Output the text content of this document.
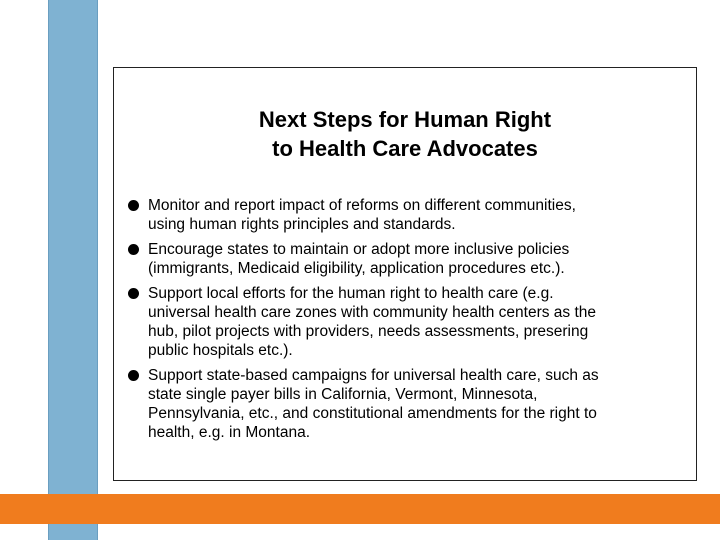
Next Steps for Human Right
to Health Care Advocates
Monitor and report impact of reforms on different communities,
using human rights principles and standards.
Encourage states to maintain or adopt more inclusive policies
(immigrants, Medicaid eligibility, application procedures etc.).
Support local efforts for the human right to health care (e.g.
universal health care zones with community health centers as the
hub, pilot projects with providers, needs assessments, presering
public hospitals etc.).
Support state-based campaigns for universal health care, such as
state single payer bills in California, Vermont, Minnesota,
Pennsylvania, etc., and constitutional amendments for the right to
health, e.g. in Montana.
